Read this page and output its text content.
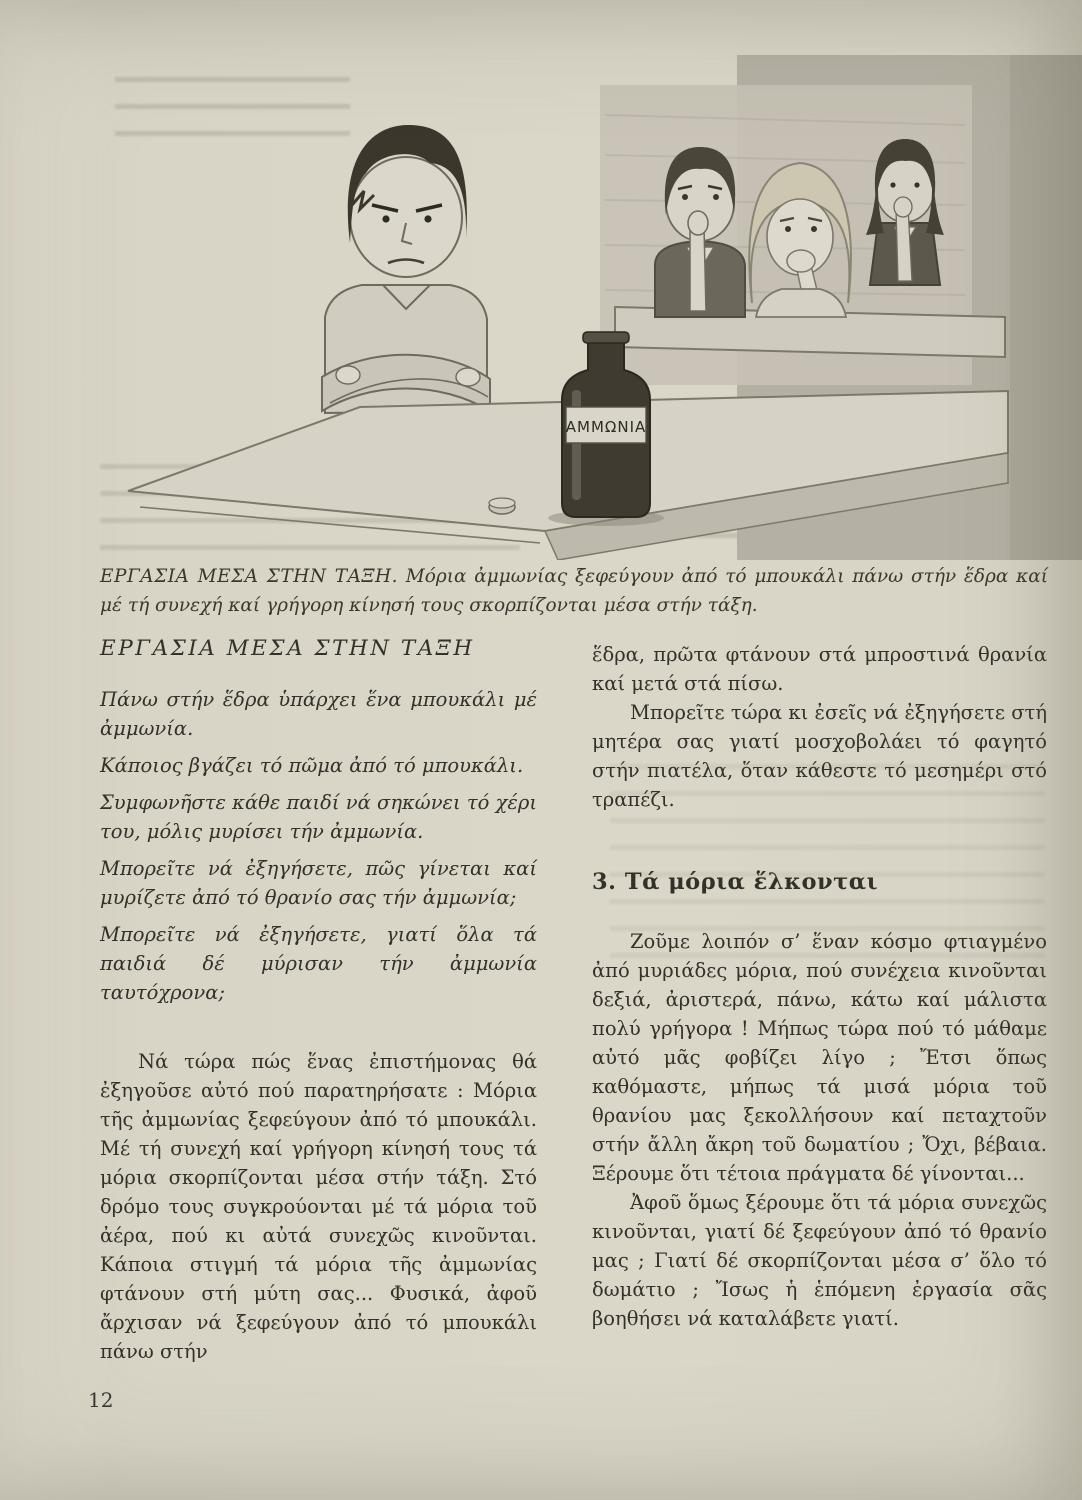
ΑΜΜΩΝΙΑ

ΕΡΓΑΣΙΑ ΜΕΣΑ ΣΤΗΝ ΤΑΞΗ. Μόρια ἀμμωνίας ξεφεύγουν ἀπό τό μπουκάλι πάνω στήν ἕδρα καί μέ τή συνεχή καί γρήγορη κίνησή τους σκορπίζονται μέσα στήν τάξη.

ΕΡΓΑΣΙΑ ΜΕΣΑ ΣΤΗΝ ΤΑΞΗ

Πάνω στήν ἕδρα ὑπάρχει ἕνα μπουκάλι μέ ἀμμωνία.

Κάποιος βγάζει τό πῶμα ἀπό τό μπουκάλι.

Συμφωνῆστε κάθε παιδί νά σηκώνει τό χέρι του, μόλις μυρίσει τήν ἀμμωνία.

Μπορεῖτε νά ἐξηγήσετε, πῶς γίνεται καί μυρίζετε ἀπό τό θρανίο σας τήν ἀμμωνία;

Μπορεῖτε νά ἐξηγήσετε, γιατί ὅλα τά παιδιά δέ μύρισαν τήν ἀμμωνία ταυτόχρονα;

Νά τώρα πώς ἕνας ἐπιστήμονας θά ἐξηγοῦσε αὐτό πού παρατηρήσατε : Μόρια τῆς ἀμμωνίας ξεφεύγουν ἀπό τό μπουκάλι. Μέ τή συνεχή καί γρήγορη κίνησή τους τά μόρια σκορπίζονται μέσα στήν τάξη. Στό δρόμο τους συγκρούονται μέ τά μόρια τοῦ ἀέρα, πού κι αὐτά συνεχῶς κινοῦνται. Κάποια στιγμή τά μόρια τῆς ἀμμωνίας φτάνουν στή μύτη σας... Φυσικά, ἀφοῦ ἄρχισαν νά ξεφεύγουν ἀπό τό μπουκάλι πάνω στήν

ἕδρα, πρῶτα φτάνουν στά μπροστινά θρανία καί μετά στά πίσω.

Μπορεῖτε τώρα κι ἐσεῖς νά ἐξηγήσετε στή μητέρα σας γιατί μοσχοβολάει τό φαγητό στήν πιατέλα, ὅταν κάθεστε τό μεσημέρι στό τραπέζι.

3. Τά μόρια ἕλκονται

Ζοῦμε λοιπόν σ’ ἕναν κόσμο φτιαγμένο ἀπό μυριάδες μόρια, πού συνέχεια κινοῦνται δεξιά, ἀριστερά, πάνω, κάτω καί μάλιστα πολύ γρήγορα ! Μήπως τώρα πού τό μάθαμε αὐτό μᾶς φοβίζει λίγο ; Ἔτσι ὅπως καθόμαστε, μήπως τά μισά μόρια τοῦ θρανίου μας ξεκολλήσουν καί πεταχτοῦν στήν ἄλλη ἄκρη τοῦ δωματίου ; Ὄχι, βέβαια. Ξέρουμε ὅτι τέτοια πράγματα δέ γίνονται...

Ἀφοῦ ὅμως ξέρουμε ὅτι τά μόρια συνεχῶς κινοῦνται, γιατί δέ ξεφεύγουν ἀπό τό θρανίο μας ; Γιατί δέ σκορπίζονται μέσα σ’ ὅλο τό δωμάτιο ; Ἴσως ἡ ἑπόμενη ἐργασία σᾶς βοηθήσει νά καταλάβετε γιατί.

12
